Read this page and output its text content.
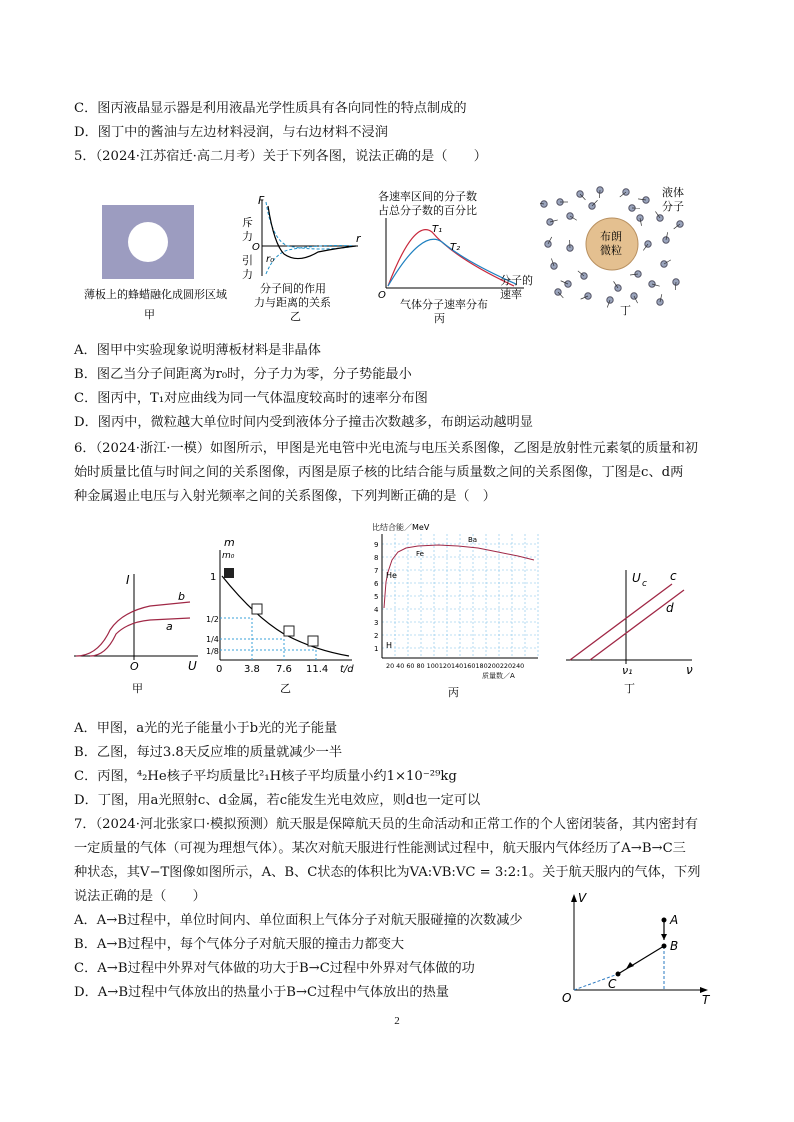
C．图丙液晶显示器是利用液晶光学性质具有各向同性的特点制成的
D．图丁中的酱油与左边材料浸润，与右边材料不浸润
5．（2024·江苏宿迁·高二月考）关于下列各图，说法正确的是（　　）
薄板上的蜂蜡融化成圆形区域
甲
F
斥
力
引
力
O
r
r₀
分子间的作用
力与距离的关系
乙
各速率区间的分子数
占总分子数的百分比
T₁
T₂
O
分子的
速率
气体分子速率分布
丙
布朗
微粒
液体
分子
丁
A．图甲中实验现象说明薄板材料是非晶体
B．图乙当分子间距离为r₀时，分子力为零，分子势能最小
C．图丙中，T₁对应曲线为同一气体温度较高时的速率分布图
D．图丙中，微粒越大单位时间内受到液体分子撞击次数越多，布朗运动越明显
6．（2024·浙江·一模）如图所示，甲图是光电管中光电流与电压关系图像，乙图是放射性元素氡的质量和初
始时质量比值与时间之间的关系图像，丙图是原子核的比结合能与质量数之间的关系图像，丁图是c、d两
种金属遏止电压与入射光频率之间的关系图像，下列判断正确的是（　）
I
U
O
b
a
甲
m
m₀
1
1/2
1/4
1/8
0 3.8 7.6 11.4 t/d
乙
比结合能／MeV
9
8
7
6
5
4
3
2
1
He
H
Fe
Ba
20 40 60 80 100120140160180200220240
质量数／A
丙
U c
c
d
ν₁	ν
丁
A．甲图，a光的光子能量小于b光的光子能量
B．乙图，每过3.8天反应堆的质量就减少一半
C．丙图，⁴₂He核子平均质量比²₁H核子平均质量小约1×10⁻²⁹kg
D．丁图，用a光照射c、d金属，若c能发生光电效应，则d也一定可以
7．（2024·河北张家口·模拟预测）航天服是保障航天员的生命活动和正常工作的个人密闭装备，其内密封有
一定质量的气体（可视为理想气体）。某次对航天服进行性能测试过程中，航天服内气体经历了A→B→C三
种状态，其V−T图像如图所示，A、B、C状态的体积比为VA:VB:VC = 3:2:1。关于航天服内的气体，下列
说法正确的是（　　）
A．A→B过程中，单位时间内、单位面积上气体分子对航天服碰撞的次数减少
B．A→B过程中，每个气体分子对航天服的撞击力都变大
C．A→B过程中外界对气体做的功大于B→C过程中外界对气体做的功
D．A→B过程中气体放出的热量小于B→C过程中气体放出的热量
V
T
O
A
B
C
2
